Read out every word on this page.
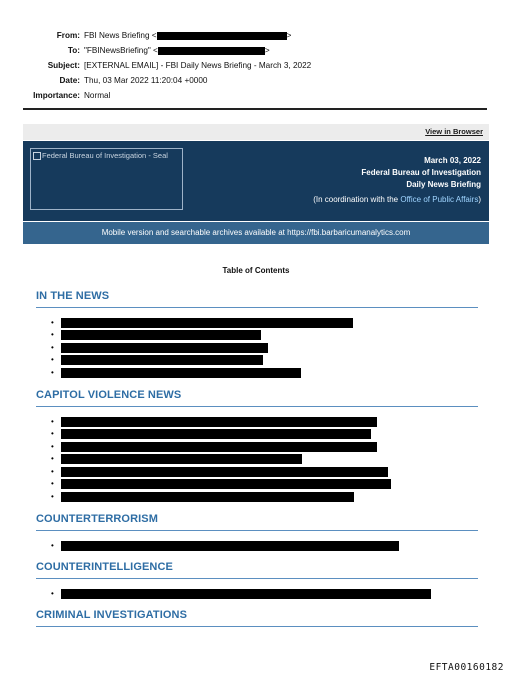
From: FBI News Briefing <	>
To: "FBINewsBriefing" <	>
Subject: [EXTERNAL EMAIL] - FBI Daily News Briefing - March 3, 2022
Date: Thu, 03 Mar 2022 11:20:04 +0000
Importance: Normal
View in Browser
Federal Bureau of Investigation - Seal
March 03, 2022
Federal Bureau of Investigation
Daily News Briefing
(In coordination with the Office of Public Affairs)
Mobile version and searchable archives available at https://fbi.barbaricumanalytics.com
Table of Contents
IN THE NEWS
•
•
•
•
•
CAPITOL VIOLENCE NEWS
•
•
•
•
•
•
•
COUNTERTERRORISM
•
COUNTERINTELLIGENCE
•
CRIMINAL INVESTIGATIONS
EFTA00160182
